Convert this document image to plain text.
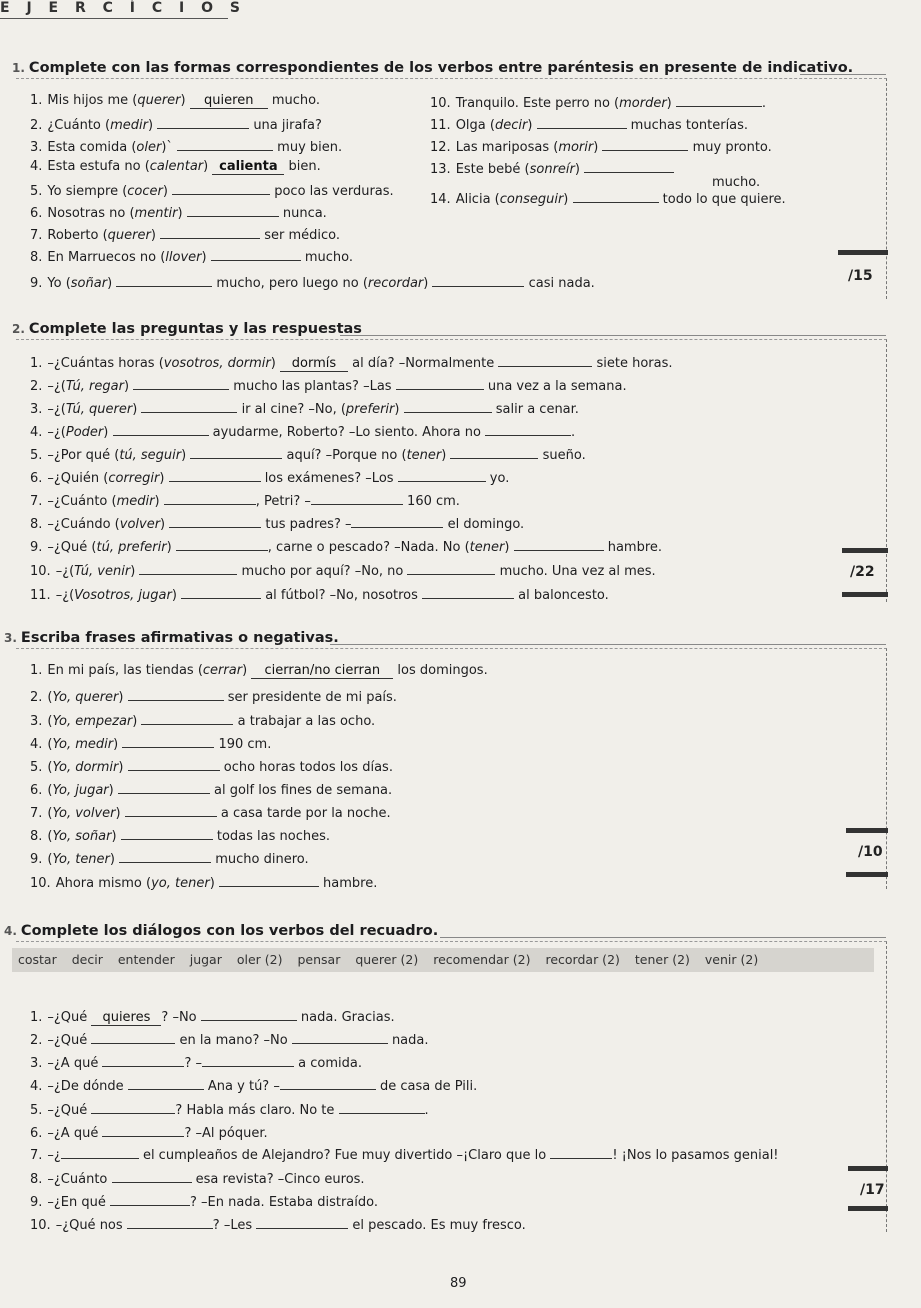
E J E R C Í C I O S
1. Complete con las formas correspondientes de los verbos entre paréntesis en presente de indicativo.
1. Mis hijos me (querer) quieren mucho.
2. ¿Cuánto (medir)	una jirafa?
3. Esta comida (oler)`	muy bien.
4. Esta estufa no (calentar) calienta bien.
5. Yo siempre (cocer)	poco las verduras.
6. Nosotras no (mentir)	nunca.
7. Roberto (querer)	ser médico.
8. En Marruecos no (llover)	mucho.
9. Yo (soñar)	mucho, pero luego no (recordar)	casi nada.
10. Tranquilo. Este perro no (morder)	.
11. Olga (decir)	muchas tonterías.
12. Las mariposas (morir)	muy pronto.
13. Este bebé (sonreír)
mucho.
14. Alicia (conseguir)	todo lo que quiere.
/15
2. Complete las preguntas y las respuestas
1. –¿Cuántas horas (vosotros, dormir) dormís al día? –Normalmente	siete horas.
2. –¿(Tú, regar)	mucho las plantas? –Las	una vez a la semana.
3. –¿(Tú, querer)	ir al cine? –No, (preferir)	salir a cenar.
4. –¿(Poder)	ayudarme, Roberto? –Lo siento. Ahora no	.
5. –¿Por qué (tú, seguir)	aquí? –Porque no (tener)	sueño.
6. –¿Quién (corregir)	los exámenes? –Los	yo.
7. –¿Cuánto (medir)	, Petri? –	160 cm.
8. –¿Cuándo (volver)	tus padres? –	el domingo.
9. –¿Qué (tú, preferir)	, carne o pescado? –Nada. No (tener)	hambre.
10. –¿(Tú, venir)	mucho por aquí? –No, no	mucho. Una vez al mes.
11. –¿(Vosotros, jugar)	al fútbol? –No, nosotros	al baloncesto.
/22
3. Escriba frases afirmativas o negativas.
1. En mi país, las tiendas (cerrar) cierran/no cierran los domingos.
2. (Yo, querer)	ser presidente de mi país.
3. (Yo, empezar)	a trabajar a las ocho.
4. (Yo, medir)	190 cm.
5. (Yo, dormir)	ocho horas todos los días.
6. (Yo, jugar)	al golf los fines de semana.
7. (Yo, volver)	a casa tarde por la noche.
8. (Yo, soñar)	todas las noches.
9. (Yo, tener)	mucho dinero.
10. Ahora mismo (yo, tener)	hambre.
/10
4. Complete los diálogos con los verbos del recuadro.
costar decir entender jugar oler (2) pensar querer (2) recomendar (2) recordar (2) tener (2) venir (2)
1. –¿Qué quieres ? –No	nada. Gracias.
2. –¿Qué	en la mano? –No	nada.
3. –¿A qué	? –	a comida.
4. –¿De dónde	Ana y tú? –	de casa de Pili.
5. –¿Qué	? Habla más claro. No te	.
6. –¿A qué	? –Al póquer.
7. –¿	el cumpleaños de Alejandro? Fue muy divertido –¡Claro que lo	! ¡Nos lo pasamos genial!
8. –¿Cuánto	esa revista? –Cinco euros.
9. –¿En qué	? –En nada. Estaba distraído.
10. –¿Qué nos	? –Les	el pescado. Es muy fresco.
/17
89
